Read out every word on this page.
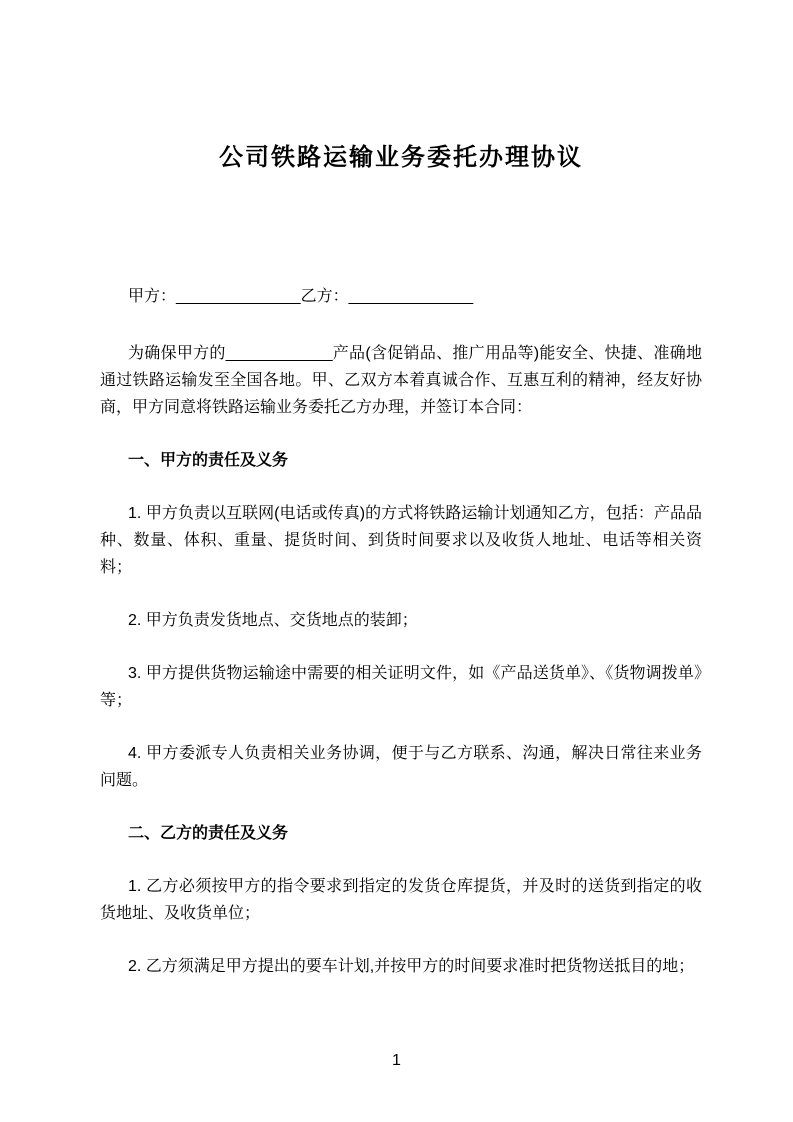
公司铁路运输业务委托办理协议

甲方：______________乙方：______________

为确保甲方的____________产品(含促销品、推广用品等)能安全、快捷、准确地通过铁路运输发至全国各地。甲、乙双方本着真诚合作、互惠互利的精神，经友好协商，甲方同意将铁路运输业务委托乙方办理，并签订本合同：

一、甲方的责任及义务

1. 甲方负责以互联网(电话或传真)的方式将铁路运输计划通知乙方，包括：产品品种、数量、体积、重量、提货时间、到货时间要求以及收货人地址、电话等相关资料；

2. 甲方负责发货地点、交货地点的装卸；

3. 甲方提供货物运输途中需要的相关证明文件，如《产品送货单》、《货物调拨单》等；

4. 甲方委派专人负责相关业务协调，便于与乙方联系、沟通，解决日常往来业务问题。

二、乙方的责任及义务

1. 乙方必须按甲方的指令要求到指定的发货仓库提货，并及时的送货到指定的收货地址、及收货单位；

2. 乙方须满足甲方提出的要车计划,并按甲方的时间要求准时把货物送抵目的地；

1
